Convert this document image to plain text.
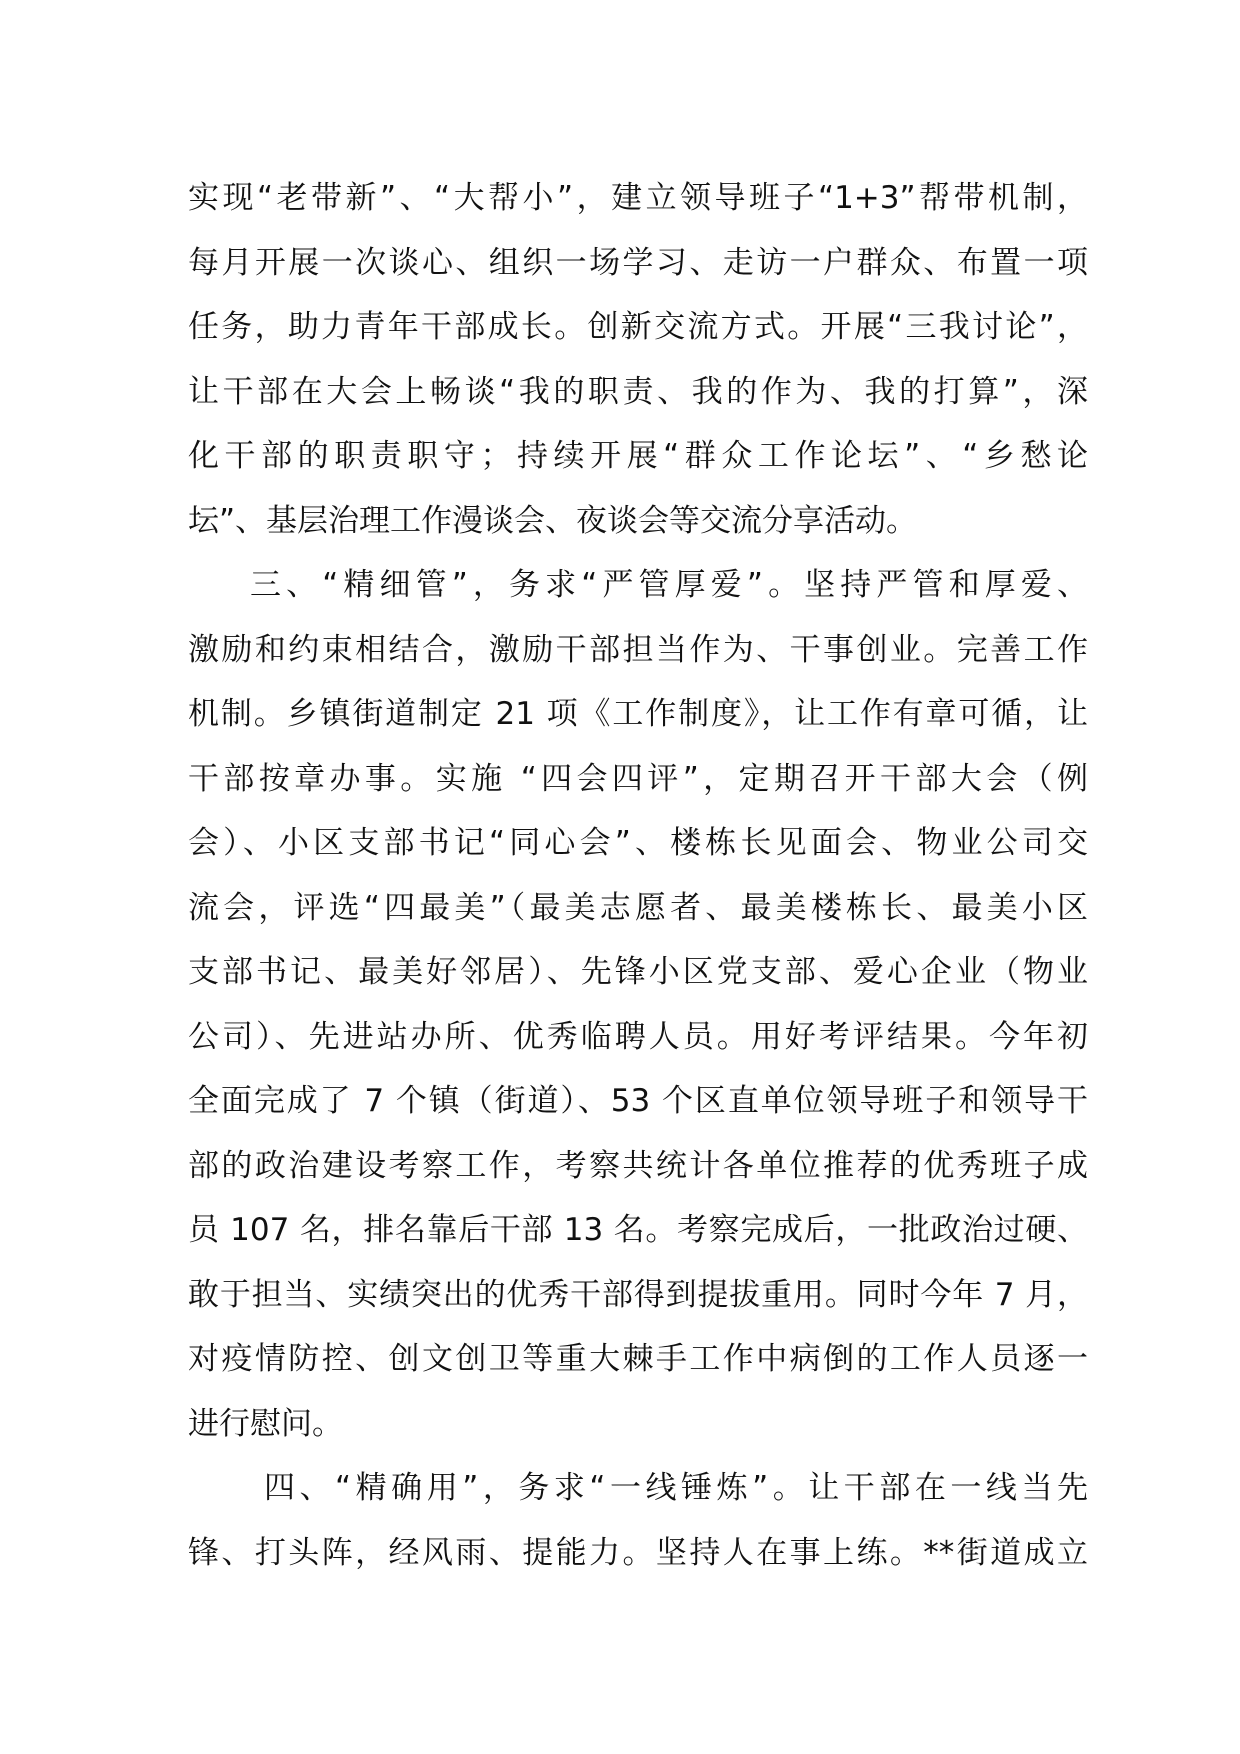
实现“老带新”、“大帮小”，建立领导班子“1+3”帮带机制，
每月开展一次谈心、组织一场学习、走访一户群众、布置一项
任务，助力青年干部成长。创新交流方式。开展“三我讨论”，
让干部在大会上畅谈“我的职责、我的作为、我的打算”，深
化干部的职责职守；持续开展“群众工作论坛”、“乡愁论
坛”、基层治理工作漫谈会、夜谈会等交流分享活动。
三、“精细管”，务求“严管厚爱”。坚持严管和厚爱、
激励和约束相结合，激励干部担当作为、干事创业。完善工作
机制。乡镇街道制定 21 项《工作制度》，让工作有章可循，让
干部按章办事。实施 “四会四评”，定期召开干部大会（例
会）、小区支部书记“同心会”、楼栋长见面会、物业公司交
流会，评选“四最美”（最美志愿者、最美楼栋长、最美小区
支部书记、最美好邻居）、先锋小区党支部、爱心企业（物业
公司）、先进站办所、优秀临聘人员。用好考评结果。今年初
全面完成了 7 个镇（街道）、53 个区直单位领导班子和领导干
部的政治建设考察工作，考察共统计各单位推荐的优秀班子成
员 107 名，排名靠后干部 13 名。考察完成后，一批政治过硬、
敢于担当、实绩突出的优秀干部得到提拔重用。同时今年 7 月，
对疫情防控、创文创卫等重大棘手工作中病倒的工作人员逐一
进行慰问。
四、“精确用”，务求“一线锤炼”。让干部在一线当先
锋、打头阵，经风雨、提能力。坚持人在事上练。**街道成立
